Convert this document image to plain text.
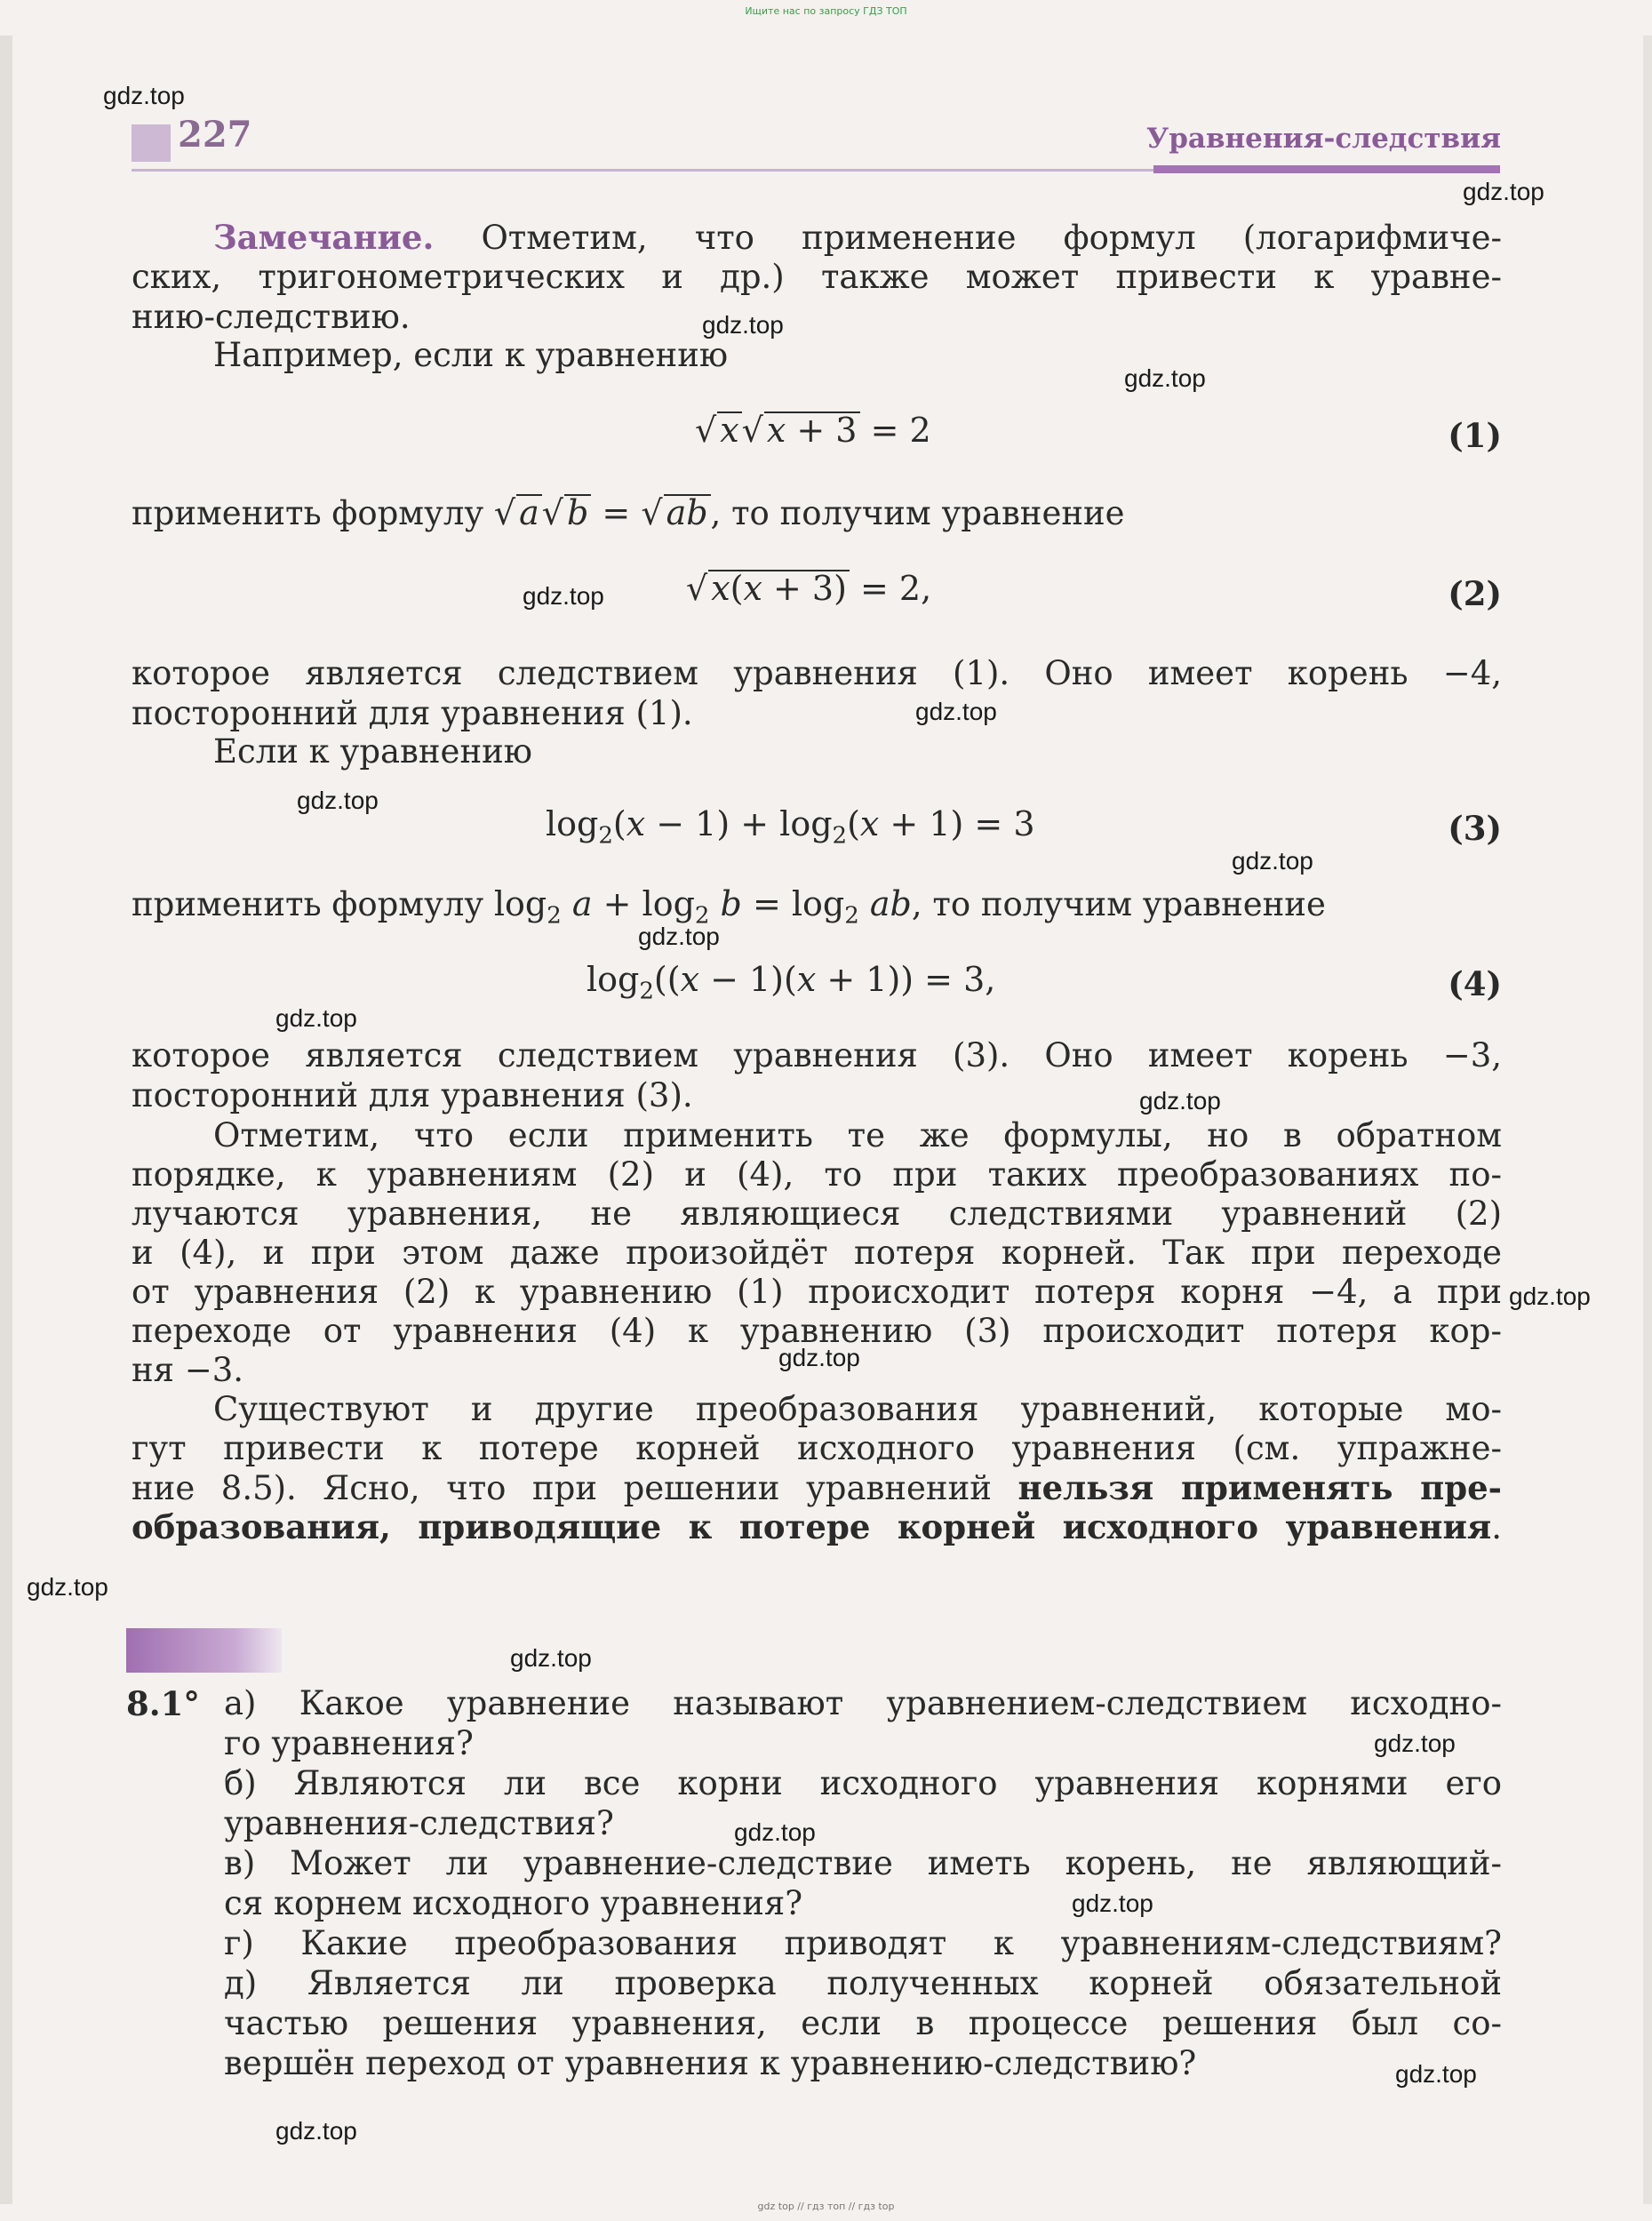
Ищите нас по запросу ГДЗ ТОП
gdz.top
gdz.top
gdz.top
gdz.top
gdz.top
gdz.top
gdz.top
gdz.top
gdz.top
gdz.top
gdz.top
gdz.top
gdz.top
gdz.top
gdz.top
gdz.top
gdz.top
gdz.top
gdz.top
gdz.top
227	Уравнения-следствия
Замечание. Отметим, что применение формул (логарифмиче-
ских, тригонометрических и др.) также может привести к уравне-
нию-следствию.
Например, если к уравнению
√ x√ x + 3 = 2	(1)
применить формулу √ a√ b = √ ab, то получим уравнение
√ x(x + 3) = 2,	(2)
которое является следствием уравнения (1). Оно имеет корень −4,
посторонний для уравнения (1).
Если к уравнению
$\log_2(x - 1) + \log_2(x + 1) = 3$	(3)
применить формулу $\log_2 a + \log_2 b = \log_2$ ab, то получим уравнение
$\log_2((x - 1)(x + 1)) = 3$,	(4)
которое является следствием уравнения (3). Оно имеет корень −3,
посторонний для уравнения (3).
Отметим, что если применить те же формулы, но в обратном
порядке, к уравнениям (2) и (4), то при таких преобразованиях по-
лучаются уравнения, не являющиеся следствиями уравнений (2)
и (4), и при этом даже произойдёт потеря корней. Так при переходе
от уравнения (2) к уравнению (1) происходит потеря корня −4, а при
переходе от уравнения (4) к уравнению (3) происходит потеря кор-
ня −3.
Существуют и другие преобразования уравнений, которые мо-
гут привести к потере корней исходного уравнения (см. упражне-
ние 8.5). Ясно, что при решении уравнений нельзя применять пре-
образования, приводящие к потере корней исходного уравнения.
8.1° а) Какое уравнение называют уравнением-следствием исходно-
го уравнения?
б) Являются ли все корни исходного уравнения корнями его
уравнения-следствия?
в) Может ли уравнение-следствие иметь корень, не являющий-
ся корнем исходного уравнения?
г) Какие преобразования приводят к уравнениям-следствиям?
д) Является ли проверка полученных корней обязательной
частью решения уравнения, если в процессе решения был со-
вершён переход от уравнения к уравнению-следствию?
gdz top // гдз топ // гдз top
